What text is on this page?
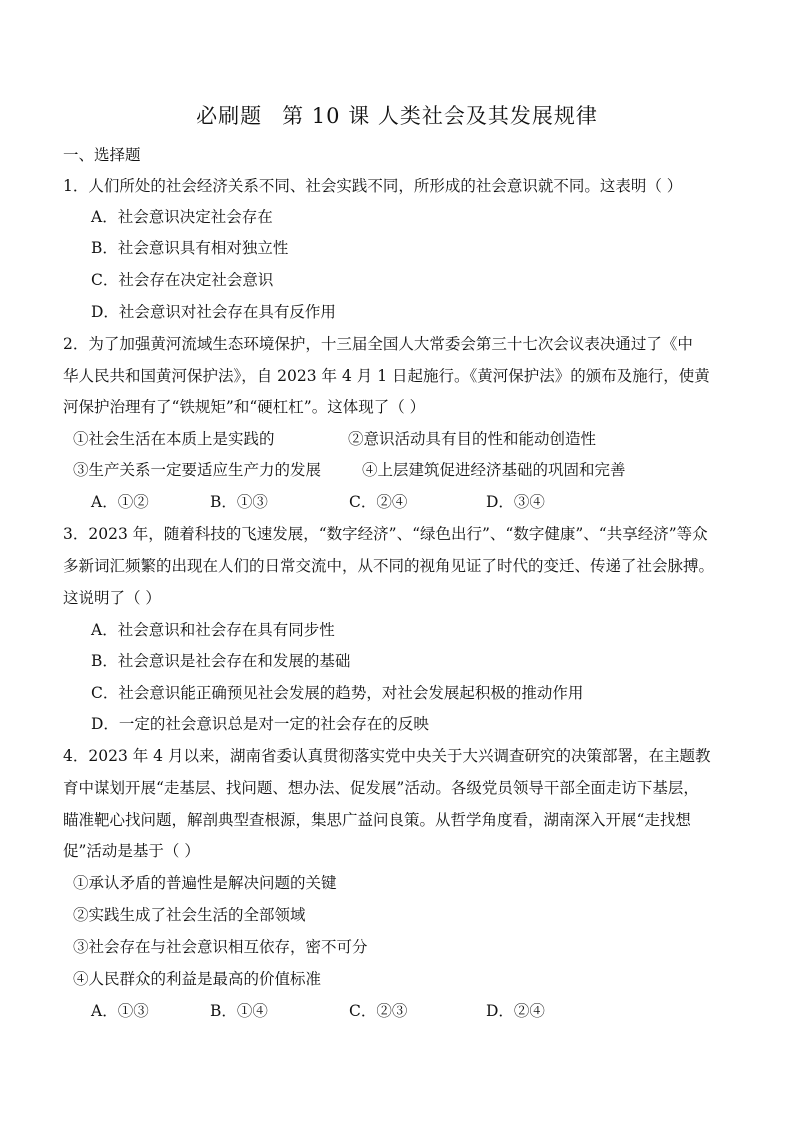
必刷题 第 10 课 人类社会及其发展规律
一、选择题
1．人们所处的社会经济关系不同、社会实践不同，所形成的社会意识就不同。这表明（ ）
A．社会意识决定社会存在
B．社会意识具有相对独立性
C．社会存在决定社会意识
D．社会意识对社会存在具有反作用
2．为了加强黄河流域生态环境保护，十三届全国人大常委会第三十七次会议表决通过了《中
华人民共和国黄河保护法》，自 2023 年 4 月 1 日起施行。《黄河保护法》的颁布及施行，使黄
河保护治理有了“铁规矩”和“硬杠杠”。这体现了（ ）
①社会生活在本质上是实践的	②意识活动具有目的性和能动创造性
③生产关系一定要适应生产力的发展	④上层建筑促进经济基础的巩固和完善
A．①②	B．①③	C．②④	D．③④
3．2023 年，随着科技的飞速发展，“数字经济”、“绿色出行”、“数字健康”、“共享经济”等众
多新词汇频繁的出现在人们的日常交流中，从不同的视角见证了时代的变迁、传递了社会脉搏。
这说明了（ ）
A．社会意识和社会存在具有同步性
B．社会意识是社会存在和发展的基础
C．社会意识能正确预见社会发展的趋势，对社会发展起积极的推动作用
D．一定的社会意识总是对一定的社会存在的反映
4．2023 年 4 月以来，湖南省委认真贯彻落实党中央关于大兴调查研究的决策部署，在主题教
育中谋划开展“走基层、找问题、想办法、促发展”活动。各级党员领导干部全面走访下基层，
瞄准靶心找问题，解剖典型查根源，集思广益问良策。从哲学角度看，湖南深入开展“走找想
促”活动是基于（ ）
①承认矛盾的普遍性是解决问题的关键
②实践生成了社会生活的全部领域
③社会存在与社会意识相互依存，密不可分
④人民群众的利益是最高的价值标准
A．①③	B．①④	C．②③	D．②④
